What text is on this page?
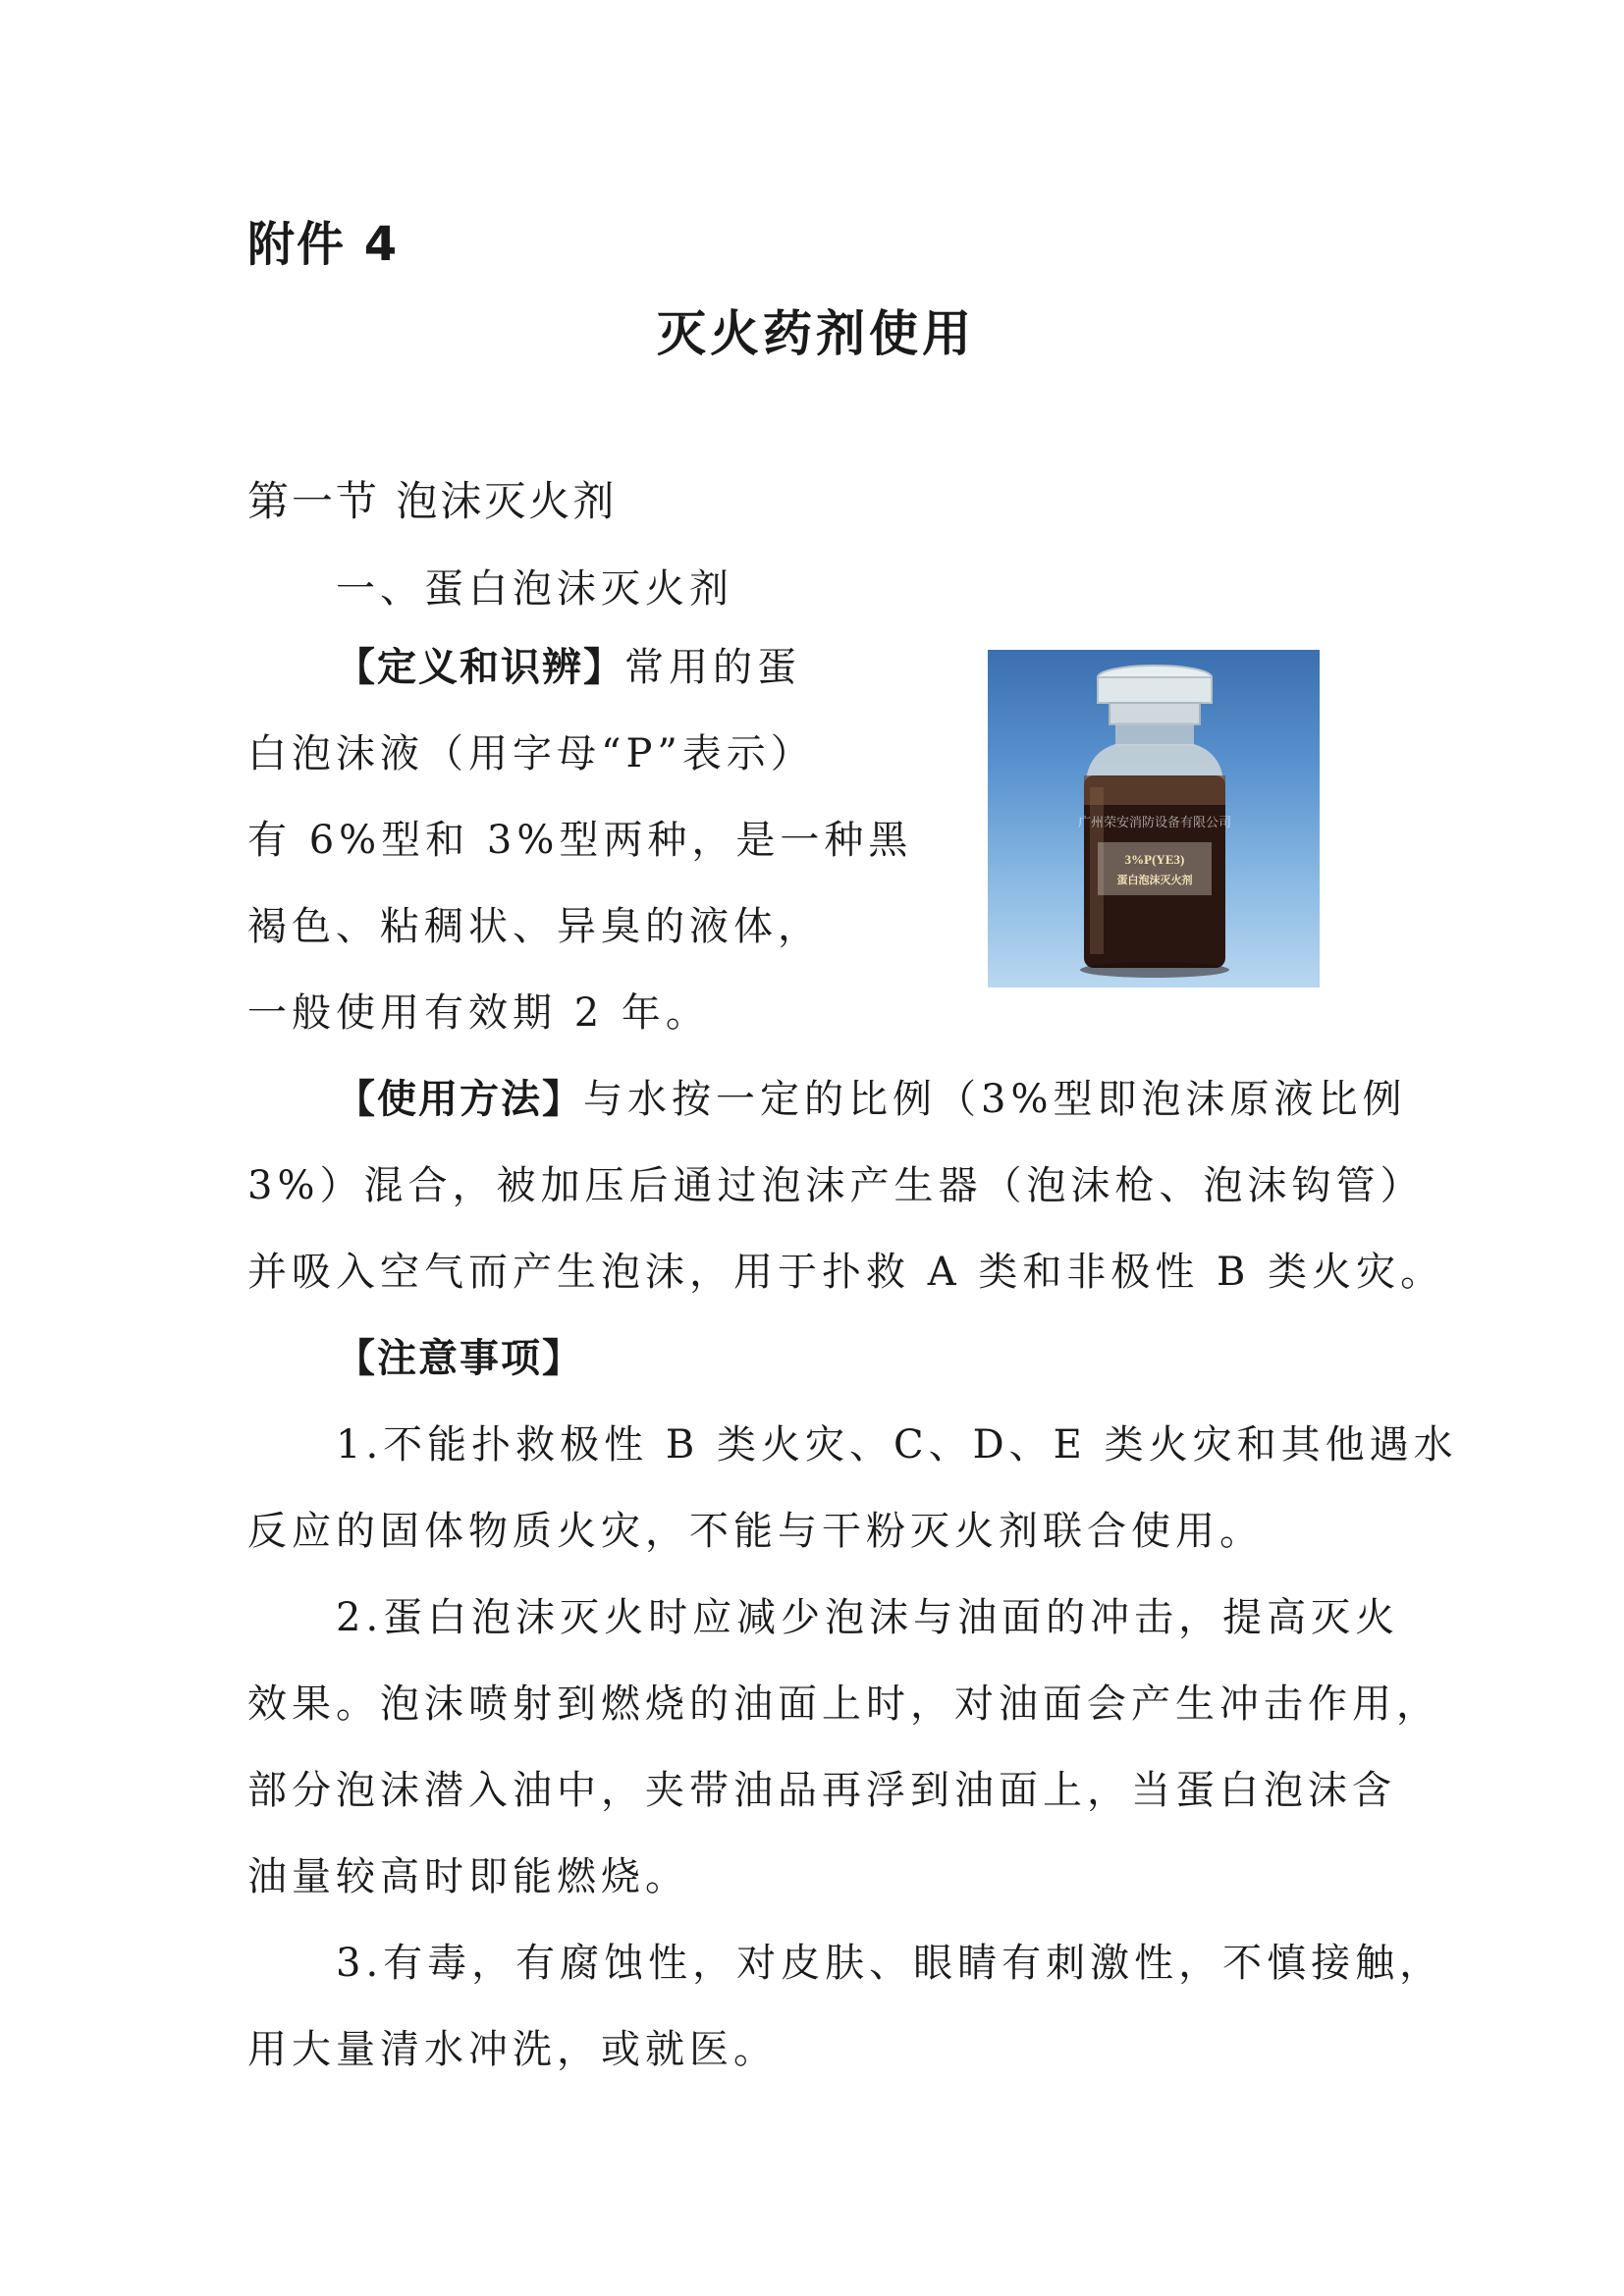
附件 4
灭火药剂使用
第一节 泡沫灭火剂
一、蛋白泡沫灭火剂
【定义和识辨】常用的蛋
白泡沫液（用字母“P”表示）
有 6%型和 3%型两种，是一种黑
褐色、粘稠状、异臭的液体，
一般使用有效期 2 年。
3%P(YE3)
蛋白泡沫灭火剂
广州荣安消防设备有限公司
【使用方法】与水按一定的比例（3%型即泡沫原液比例
3%）混合，被加压后通过泡沫产生器（泡沫枪、泡沫钩管）
并吸入空气而产生泡沫，用于扑救 A 类和非极性 B 类火灾。
【注意事项】
1.不能扑救极性 B 类火灾、C、D、E 类火灾和其他遇水
反应的固体物质火灾，不能与干粉灭火剂联合使用。
2.蛋白泡沫灭火时应减少泡沫与油面的冲击，提高灭火
效果。泡沫喷射到燃烧的油面上时，对油面会产生冲击作用，
部分泡沫潜入油中，夹带油品再浮到油面上，当蛋白泡沫含
油量较高时即能燃烧。
3.有毒，有腐蚀性，对皮肤、眼睛有刺激性，不慎接触，
用大量清水冲洗，或就医。
